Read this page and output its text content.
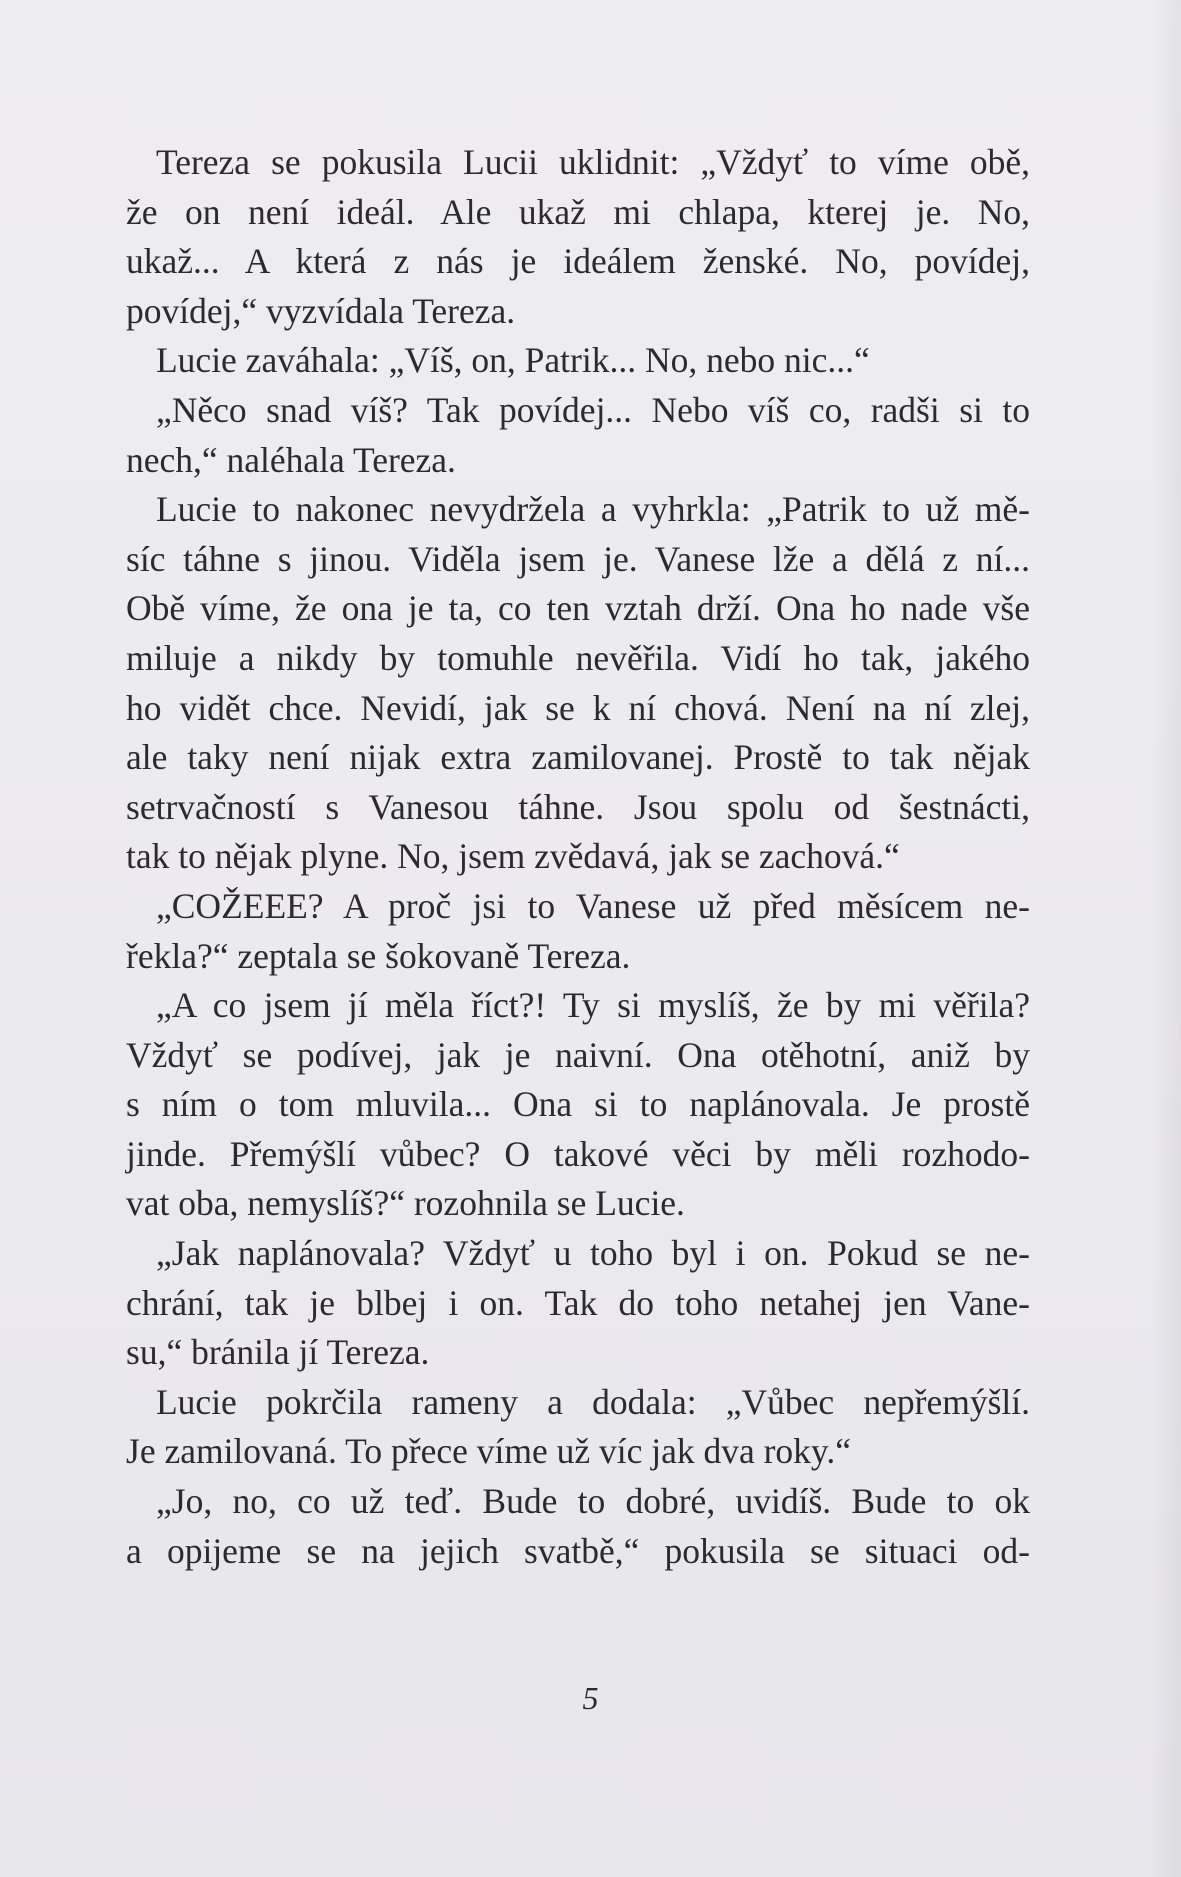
Tereza se pokusila Lucii uklidnit: „Vždyť to víme obě,
že on není ideál. Ale ukaž mi chlapa, kterej je. No,
ukaž... A která z nás je ideálem ženské. No, povídej,
povídej,“ vyzvídala Tereza.
Lucie zaváhala: „Víš, on, Patrik... No, nebo nic...“
„Něco snad víš? Tak povídej... Nebo víš co, radši si to
nech,“ naléhala Tereza.
Lucie to nakonec nevydržela a vyhrkla: „Patrik to už mě-
síc táhne s jinou. Viděla jsem je. Vanese lže a dělá z ní...
Obě víme, že ona je ta, co ten vztah drží. Ona ho nade vše
miluje a nikdy by tomuhle nevěřila. Vidí ho tak, jakého
ho vidět chce. Nevidí, jak se k ní chová. Není na ní zlej,
ale taky není nijak extra zamilovanej. Prostě to tak nějak
setrvačností s Vanesou táhne. Jsou spolu od šestnácti,
tak to nějak plyne. No, jsem zvědavá, jak se zachová.“
„COŽEEE? A proč jsi to Vanese už před měsícem ne-
řekla?“ zeptala se šokovaně Tereza.
„A co jsem jí měla říct?! Ty si myslíš, že by mi věřila?
Vždyť se podívej, jak je naivní. Ona otěhotní, aniž by
s ním o tom mluvila... Ona si to naplánovala. Je prostě
jinde. Přemýšlí vůbec? O takové věci by měli rozhodo-
vat oba, nemyslíš?“ rozohnila se Lucie.
„Jak naplánovala? Vždyť u toho byl i on. Pokud se ne-
chrání, tak je blbej i on. Tak do toho netahej jen Vane-
su,“ bránila jí Tereza.
Lucie pokrčila rameny a dodala: „Vůbec nepřemýšlí.
Je zamilovaná. To přece víme už víc jak dva roky.“
„Jo, no, co už teď. Bude to dobré, uvidíš. Bude to ok
a opijeme se na jejich svatbě,“ pokusila se situaci od-
5
